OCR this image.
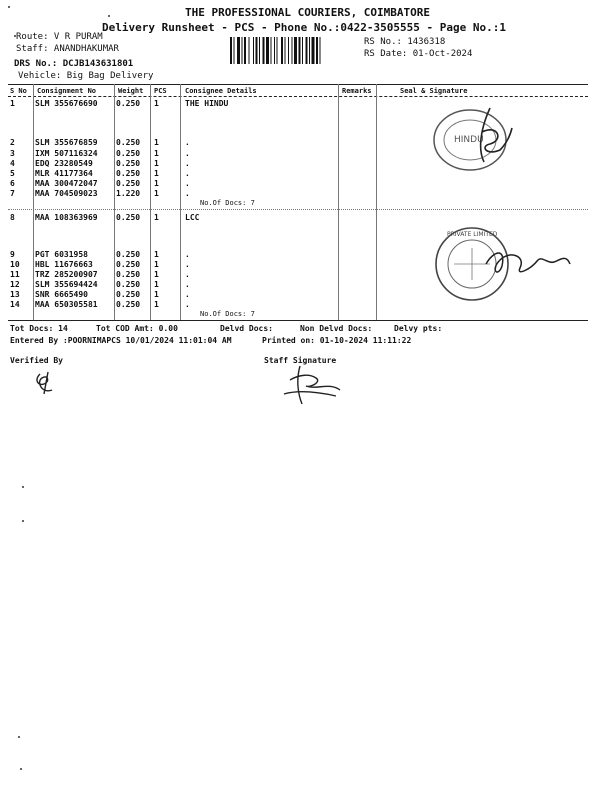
THE PROFESSIONAL COURIERS, COIMBATORE
Delivery Runsheet - PCS - Phone No.:0422-3505555 - Page No.:1
Route: V R PURAM
Staff: ANANDHAKUMAR
RS No.: 1436318
RS Date: 01-Oct-2024
DRS No.: DCJB143631801
Vehicle: Big Bag Delivery
S No Consignment No	Weight PCS	Consignee Details	Remarks	Seal & Signature
1	SLM 355676690 0.250 1	THE HINDU
2	SLM 355676859 0.250 1	.
3	IXM 507116324 0.250 1	.
4	EDQ 23280549	0.250 1	.
5	MLR 41177364	0.250 1	.
6	MAA 300472047 0.250 1	.
7	MAA 704509023 1.220 1	.
No.Of Docs: 7
8	MAA 108363969 0.250 1	LCC
9	PGT 6031958	0.250 1	.
10 HBL 11676663	0.250 1	.
11 TRZ 285200907 0.250 1	.
12 SLM 355694424 0.250 1	.
13 SNR 6665490	0.250 1	.
14 MAA 650305581 0.250 1	.
No.Of Docs: 7
HINDU
PRIVATE LIMITED
Tot Docs: 14	Tot COD Amt: 0.00	Delvd Docs:	Non Delvd Docs:	Delvy pts:
Entered By :POORNIMAPCS 10/01/2024 11:01:04 AM	Printed on: 01-10-2024 11:11:22
Verified By	Staff Signature
